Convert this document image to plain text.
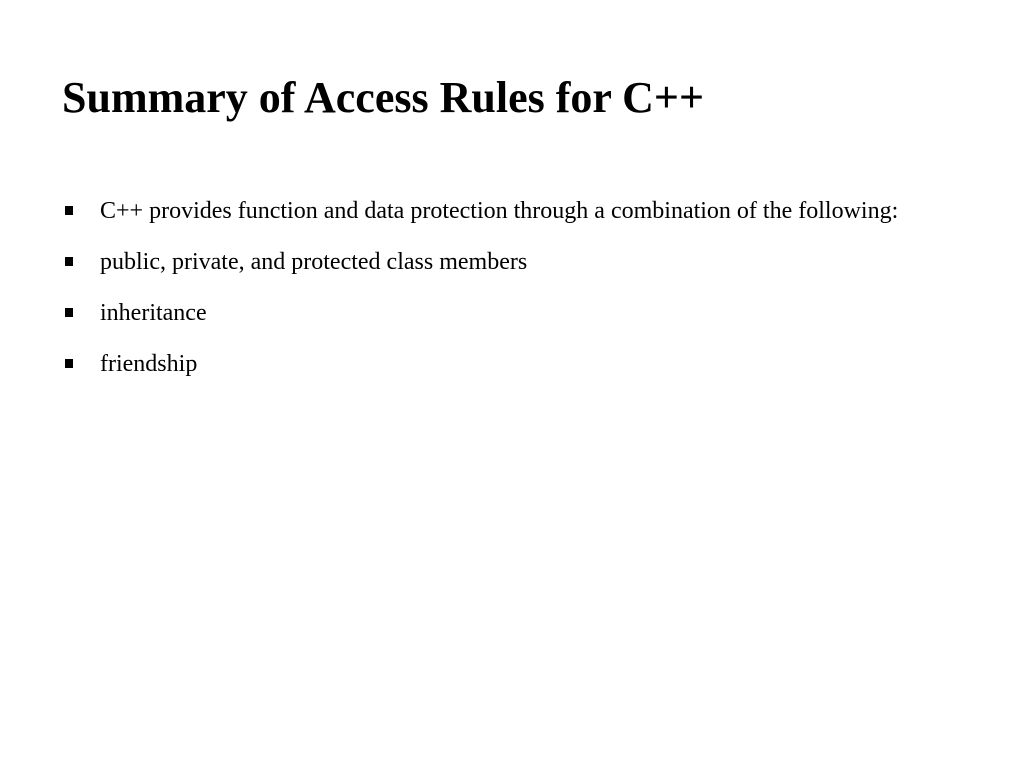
Summary of Access Rules for C++
C++ provides function and data protection through a combination of the following:
public, private, and protected class members
inheritance
friendship
